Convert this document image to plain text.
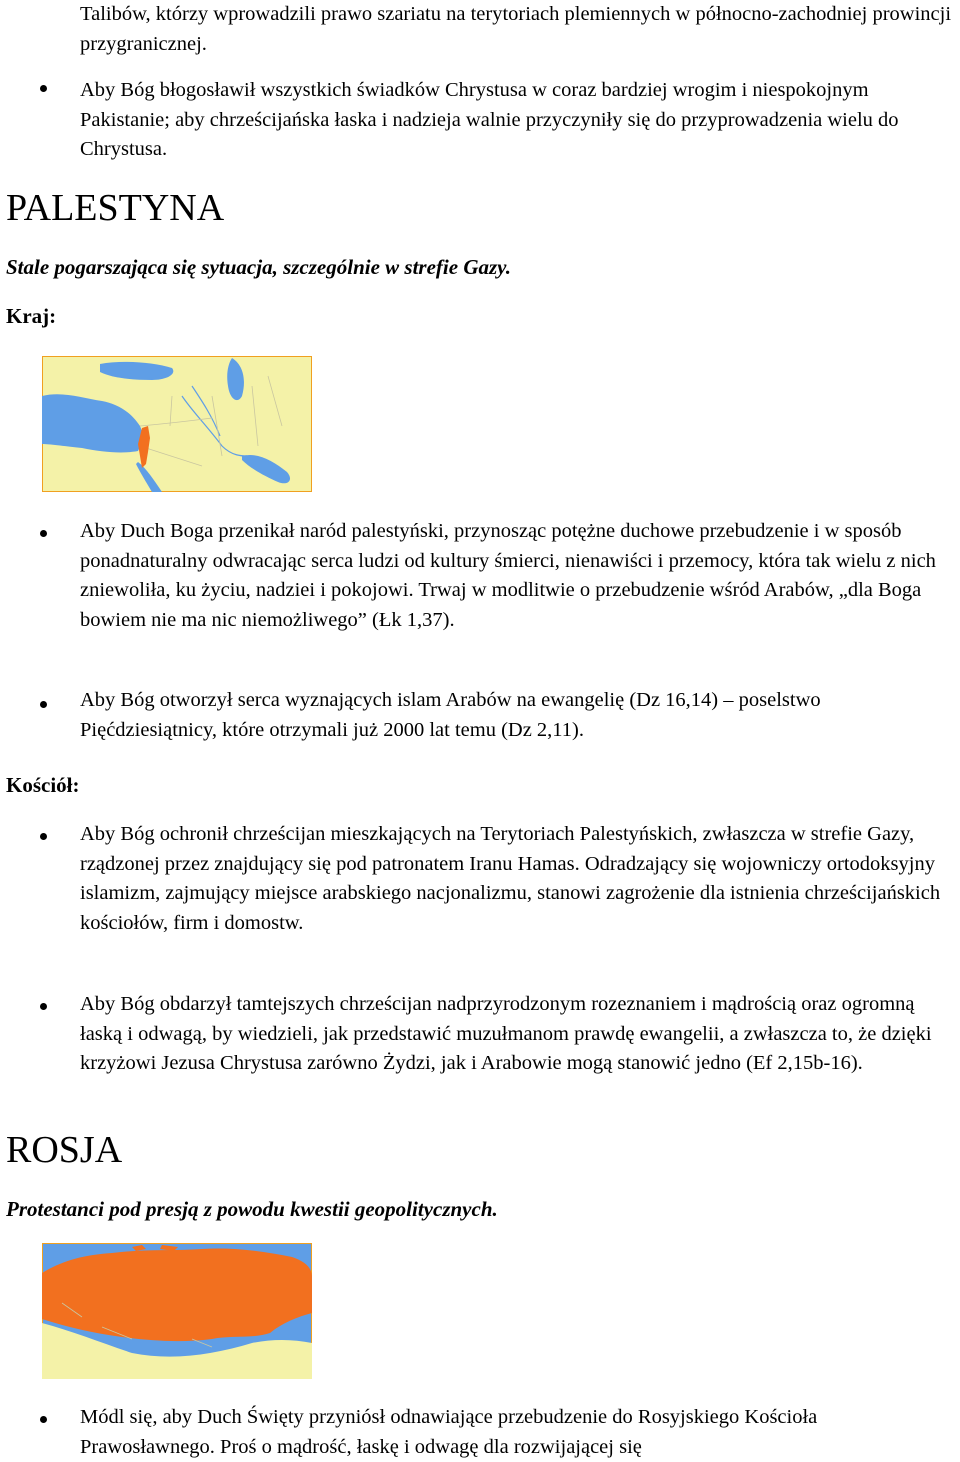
Talibów, którzy wprowadzili prawo szariatu na terytoriach plemiennych w północno-zachodniej prowincji przygranicznej.
Aby Bóg błogosławił wszystkich świadków Chrystusa w coraz bardziej wrogim i niespokojnym Pakistanie; aby chrześcijańska łaska i nadzieja walnie przyczyniły się do przyprowadzenia wielu do Chrystusa.
PALESTYNA
Stale pogarszająca się sytuacja, szczególnie w strefie Gazy.
Kraj:
Aby Duch Boga przenikał naród palestyński, przynosząc potężne duchowe przebudzenie i w sposób ponadnaturalny odwracając serca ludzi od kultury śmierci, nienawiści i przemocy, która tak wielu z nich zniewoliła, ku życiu, nadziei i pokojowi. Trwaj w modlitwie o przebudzenie wśród Arabów, „dla Boga bowiem nie ma nic niemożliwego” (Łk 1,37).
Aby Bóg otworzył serca wyznających islam Arabów na ewangelię (Dz 16,14) – poselstwo Pięćdziesiątnicy, które otrzymali już 2000 lat temu (Dz 2,11).
Kościół:
Aby Bóg ochronił chrześcijan mieszkających na Terytoriach Palestyńskich, zwłaszcza w strefie Gazy, rządzonej przez znajdujący się pod patronatem Iranu Hamas. Odradzający się wojowniczy ortodoksyjny islamizm, zajmujący miejsce arabskiego nacjonalizmu, stanowi zagrożenie dla istnienia chrześcijańskich kościołów, firm i domostw.
Aby Bóg obdarzył tamtejszych chrześcijan nadprzyrodzonym rozeznaniem i mądrością oraz ogromną łaską i odwagą, by wiedzieli, jak przedstawić muzułmanom prawdę ewangelii, a zwłaszcza to, że dzięki krzyżowi Jezusa Chrystusa zarówno Żydzi, jak i Arabowie mogą stanowić jedno (Ef 2,15b-16).
ROSJA
Protestanci pod presją z powodu kwestii geopolitycznych.
Módl się, aby Duch Święty przyniósł odnawiające przebudzenie do Rosyjskiego Kościoła Prawosławnego. Proś o mądrość, łaskę i odwagę dla rozwijającej się
